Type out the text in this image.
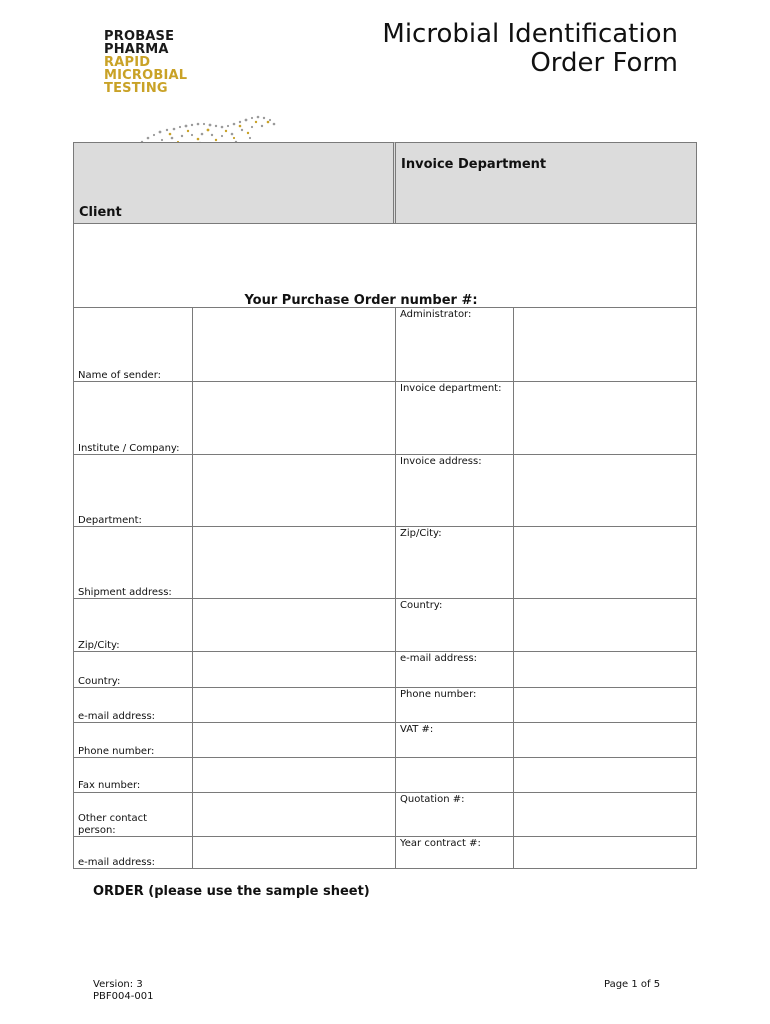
PROBASE
PHARMA
RAPID
MICROBIAL
TESTING
Microbial Identification
Order Form
Client
Invoice Department
Your Purchase Order number #:
Name of sender:
Institute / Company:
Department:
Shipment address:
Zip/City:
Country:
e-mail address:
Phone number:
Fax number:
Other contact person:
e-mail address:
Administrator:
Invoice department:
Invoice address:
Zip/City:
Country:
e-mail address:
Phone number:
VAT #:
Quotation #:
Year contract #:
ORDER (please use the sample sheet)
Version: 3
PBF004-001
Page 1 of 5
